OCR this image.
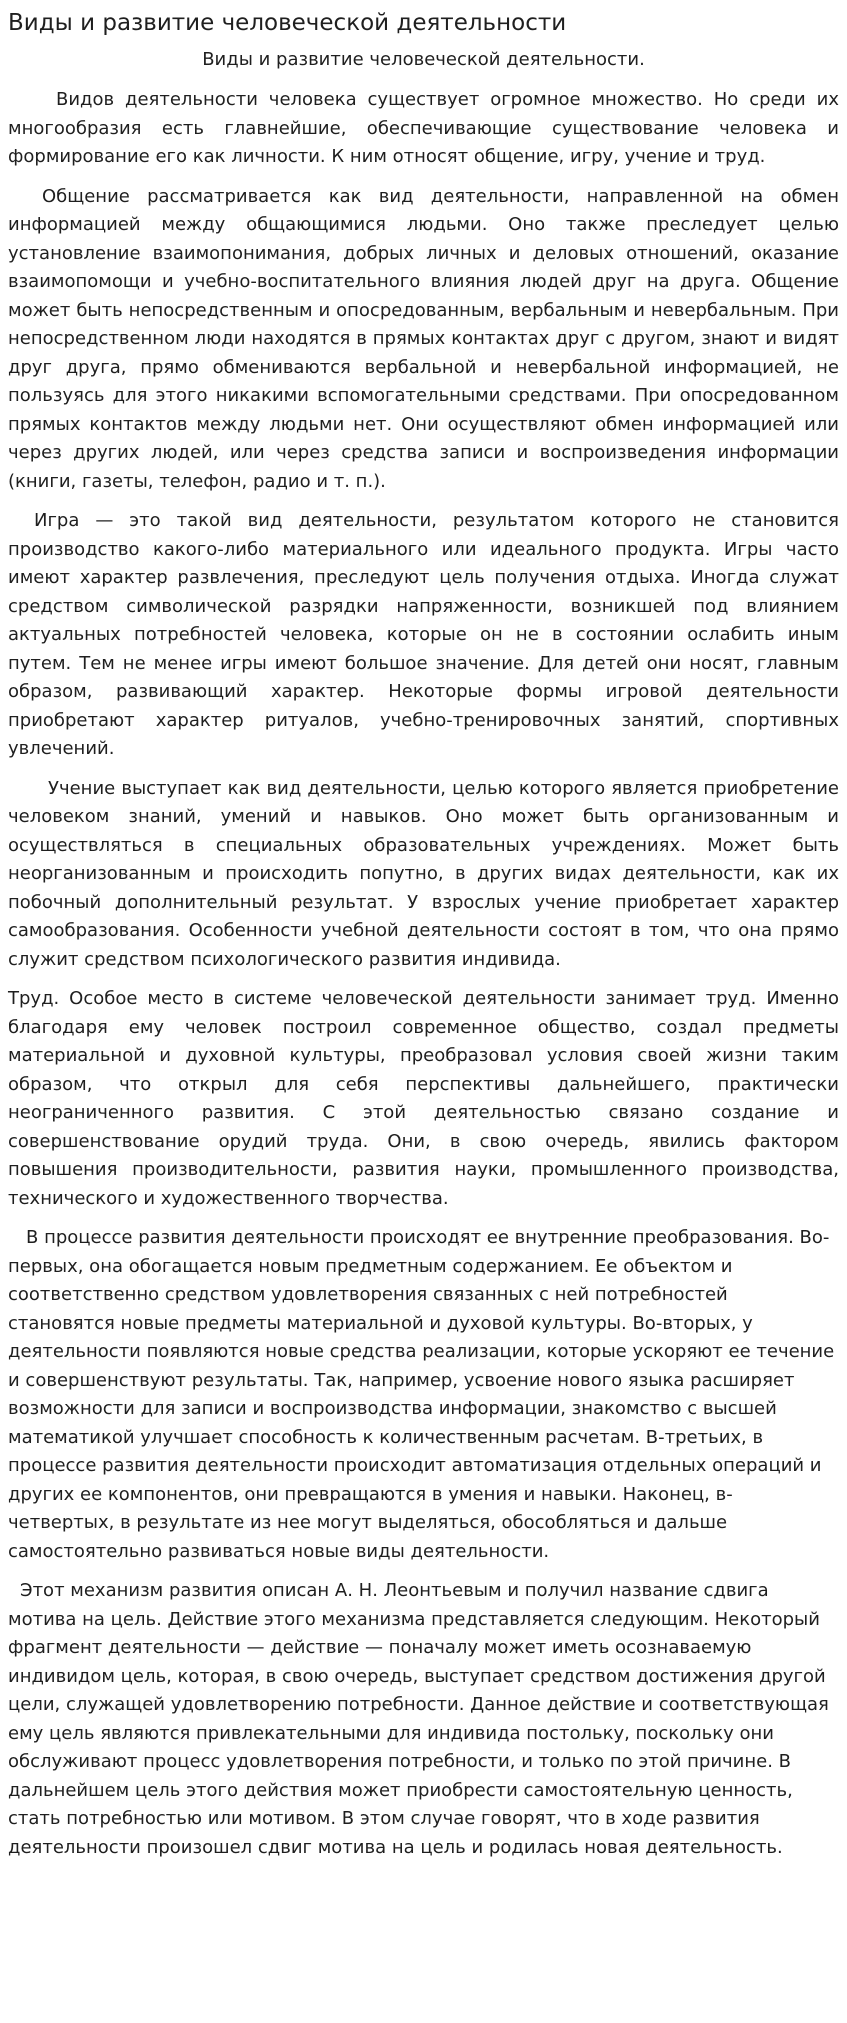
Виды и развитие человеческой деятельности
Виды и развитие человеческой деятельности.

Видов деятельности человека существует огромное множество. Но среди их многообразия есть главнейшие, обеспечивающие существование человека и формирование его как личности. К ним относят общение, игру, учение и труд.

Общение рассматривается как вид деятельности, направленной на обмен информацией между общающимися людьми. Оно также преследует целью установление взаимопонимания, добрых личных и деловых отношений, оказание взаимопомощи и учебно-воспитательного влияния людей друг на друга. Общение может быть непосредственным и опосредованным, вербальным и невербальным. При непосредственном люди находятся в прямых контактах друг с другом, знают и видят друг друга, прямо обмениваются вербальной и невербальной информацией, не пользуясь для этого никакими вспомогательными средствами. При опосредованном прямых контактов между людьми нет. Они осуществляют обмен информацией или через других людей, или через средства записи и воспроизведения информации (книги, газеты, телефон, радио и т. п.).

Игра — это такой вид деятельности, результатом которого не становится производство какого-либо материального или идеального продукта. Игры часто имеют характер развлечения, преследуют цель получения отдыха. Иногда служат средством символической разрядки напряженности, возникшей под влиянием актуальных потребностей человека, которые он не в состоянии ослабить иным путем. Тем не менее игры имеют большое значение. Для детей они носят, главным образом, развивающий характер. Некоторые формы игровой деятельности приобретают характер ритуалов, учебно-тренировочных занятий, спортивных увлечений.

Учение выступает как вид деятельности, целью которого является приобретение человеком знаний, умений и навыков. Оно может быть организованным и осуществляться в специальных образовательных учреждениях. Может быть неорганизованным и происходить попутно, в других видах деятельности, как их побочный дополнительный результат. У взрослых учение приобретает характер самообразования. Особенности учебной деятельности состоят в том, что она прямо служит средством психологического развития индивида.

Труд. Особое место в системе человеческой деятельности занимает труд. Именно благодаря ему человек построил современное общество, создал предметы материальной и духовной культуры, преобразовал условия своей жизни таким образом, что открыл для себя перспективы дальнейшего, практически неограниченного развития. С этой деятельностью связано создание и совершенствование орудий труда. Они, в свою очередь, явились фактором повышения производительности, развития науки, промышленного производства, технического и художественного творчества.

В процессе развития деятельности происходят ее внутренние преобразования. Во-первых, она обогащается новым предметным содержанием. Ее объектом и соответственно средством удовлетворения связанных с ней потребностей становятся новые предметы материальной и духовой культуры. Во-вторых, у деятельности появляются новые средства реализации, которые ускоряют ее течение и совершенствуют результаты. Так, например, усвоение нового языка расширяет возможности для записи и воспроизводства информации, знакомство с высшей математикой улучшает способность к количественным расчетам. В-третьих, в процессе развития деятельности происходит автоматизация отдельных операций и других ее компонентов, они превращаются в умения и навыки. Наконец, в-четвертых, в результате из нее могут выделяться, обособляться и дальше самостоятельно развиваться новые виды деятельности.

Этот механизм развития описан А. Н. Леонтьевым и получил название сдвига мотива на цель. Действие этого механизма представляется следующим. Некоторый фрагмент деятельности — действие — поначалу может иметь осознаваемую индивидом цель, которая, в свою очередь, выступает средством достижения другой цели, служащей удовлетворению потребности. Данное действие и соответствующая ему цель являются привлекательными для индивида постольку, поскольку они обслуживают процесс удовлетворения потребности, и только по этой причине. В дальнейшем цель этого действия может приобрести самостоятельную ценность, стать потребностью или мотивом. В этом случае говорят, что в ходе развития деятельности произошел сдвиг мотива на цель и родилась новая деятельность.
